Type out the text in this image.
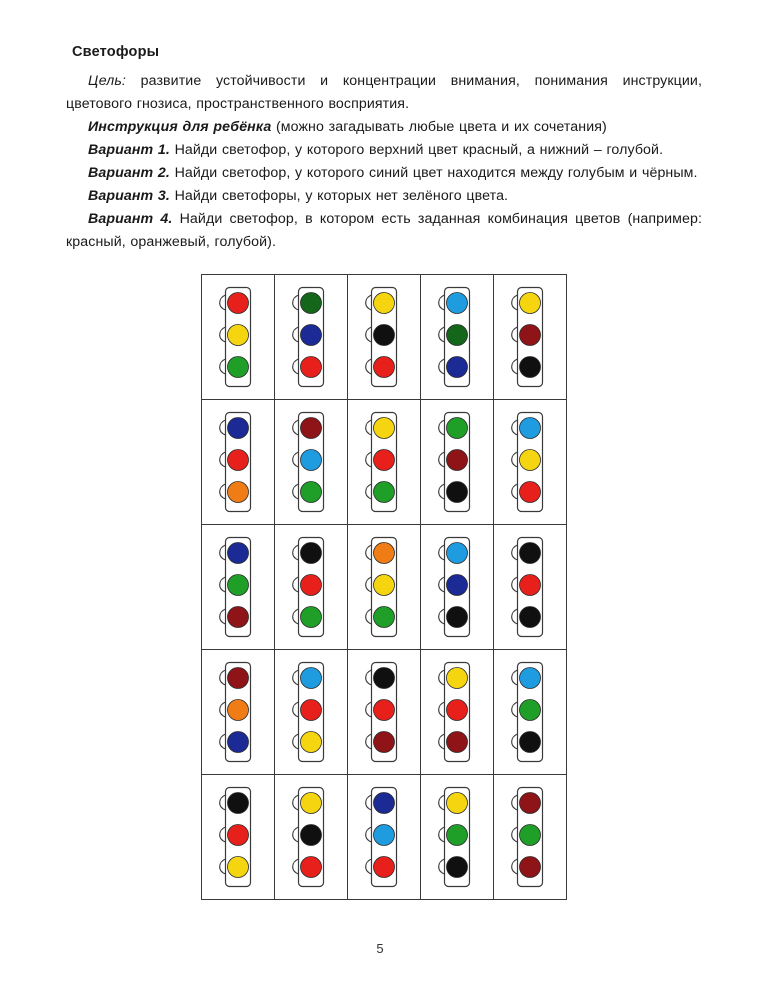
Светофоры

Цель: развитие устойчивости и концентрации внимания, понимания инструкции, цветового гнозиса, пространственного восприятия.

Инструкция для ребёнка (можно загадывать любые цвета и их сочетания)

Вариант 1. Найди светофор, у которого верхний цвет красный, а нижний – голубой.

Вариант 2. Найди светофор, у которого синий цвет находится между голубым и чёрным.

Вариант 3. Найди светофоры, у которых нет зелёного цвета.

Вариант 4. Найди светофор, в котором есть заданная комбинация цветов (например: красный, оранжевый, голубой).

5
